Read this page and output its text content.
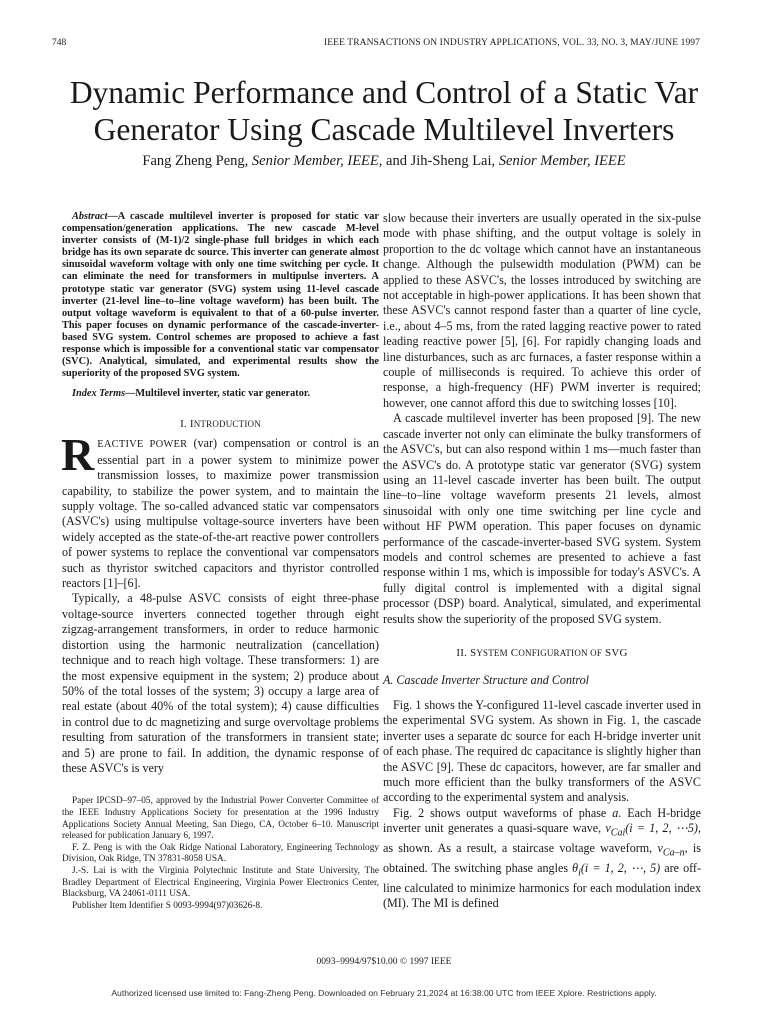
748	IEEE TRANSACTIONS ON INDUSTRY APPLICATIONS, VOL. 33, NO. 3, MAY/JUNE 1997
Dynamic Performance and Control of a Static Var
Generator Using Cascade Multilevel Inverters
Fang Zheng Peng, Senior Member, IEEE, and Jih-Sheng Lai, Senior Member, IEEE

Abstract—A cascade multilevel inverter is proposed for static var compensation/generation applications. The new cascade M-level inverter consists of (M-1)/2 single-phase full bridges in which each bridge has its own separate dc source. This inverter can generate almost sinusoidal waveform voltage with only one time switching per cycle. It can eliminate the need for transformers in multipulse inverters. A prototype static var generator (SVG) system using 11-level cascade inverter (21-level line–to–line voltage waveform) has been built. The output voltage waveform is equivalent to that of a 60-pulse inverter. This paper focuses on dynamic performance of the cascade-inverter-based SVG system. Control schemes are proposed to achieve a fast response which is impossible for a conventional static var compensator (SVC). Analytical, simulated, and experimental results show the superiority of the proposed SVG system.

Index Terms—Multilevel inverter, static var generator.

I. INTRODUCTION

REACTIVE POWER (var) compensation or control is an essential part in a power system to minimize power transmission losses, to maximize power transmission capability, to stabilize the power system, and to maintain the supply voltage. The so-called advanced static var compensators (ASVC's) using multipulse voltage-source inverters have been widely accepted as the state-of-the-art reactive power controllers of power systems to replace the conventional var compensators such as thyristor switched capacitors and thyristor controlled reactors [1]–[6].

Typically, a 48-pulse ASVC consists of eight three-phase voltage-source inverters connected together through eight zigzag-arrangement transformers, in order to reduce harmonic distortion using the harmonic neutralization (cancellation) technique and to reach high voltage. These transformers: 1) are the most expensive equipment in the system; 2) produce about 50% of the total losses of the system; 3) occupy a large area of real estate (about 40% of the total system); 4) cause difficulties in control due to dc magnetizing and surge overvoltage problems resulting from saturation of the transformers in transient state; and 5) are prone to fail. In addition, the dynamic response of these ASVC's is very

Paper IPCSD–97–05, approved by the Industrial Power Converter Committee of the IEEE Industry Applications Society for presentation at the 1996 Industry Applications Society Annual Meeting, San Diego, CA, October 6–10. Manuscript released for publication January 6, 1997.

F. Z. Peng is with the Oak Ridge National Laboratory, Engineering Technology Division, Oak Ridge, TN 37831-8058 USA.

J.-S. Lai is with the Virginia Polytechnic Institute and State University, The Bradley Department of Electrical Engineering, Virginia Power Electronics Center, Blacksburg, VA 24061-0111 USA.

Publisher Item Identifier S 0093-9994(97)03626-8.

slow because their inverters are usually operated in the six-pulse mode with phase shifting, and the output voltage is solely in proportion to the dc voltage which cannot have an instantaneous change. Although the pulsewidth modulation (PWM) can be applied to these ASVC's, the losses introduced by switching are not acceptable in high-power applications. It has been shown that these ASVC's cannot respond faster than a quarter of line cycle, i.e., about 4–5 ms, from the rated lagging reactive power to rated leading reactive power [5], [6]. For rapidly changing loads and line disturbances, such as arc furnaces, a faster response within a couple of milliseconds is required. To achieve this order of response, a high-frequency (HF) PWM inverter is required; however, one cannot afford this due to switching losses [10].

A cascade multilevel inverter has been proposed [9]. The new cascade inverter not only can eliminate the bulky transformers of the ASVC's, but can also respond within 1 ms—much faster than the ASVC's do. A prototype static var generator (SVG) system using an 11-level cascade inverter has been built. The output line–to–line voltage waveform presents 21 levels, almost sinusoidal with only one time switching per line cycle and without HF PWM operation. This paper focuses on dynamic performance of the cascade-inverter-based SVG system. System models and control schemes are presented to achieve a fast response within 1 ms, which is impossible for today's ASVC's. A fully digital control is implemented with a digital signal processor (DSP) board. Analytical, simulated, and experimental results show the superiority of the proposed SVG system.

II. SYSTEM CONFIGURATION OF SVG

A. Cascade Inverter Structure and Control

Fig. 1 shows the Y-configured 11-level cascade inverter used in the experimental SVG system. As shown in Fig. 1, the cascade inverter uses a separate dc source for each H-bridge inverter unit of each phase. The required dc capacitance is slightly higher than the ASVC [9]. These dc capacitors, however, are far smaller and much more efficient than the bulky transformers of the ASVC according to the experimental system and analysis.

Fig. 2 shows output waveforms of phase a. Each H-bridge inverter unit generates a quasi-square wave, $v_{Cai}(i = 1$, 2, ⋯5), as shown. As a result, a staircase voltage waveform, $v_{Ca-n}$, is obtained. The switching phase angles $\theta_i(i = 1$, 2, ⋯, 5) are off-line calculated to minimize harmonics for each modulation index (MI). The MI is defined

0093–9994/97$10.00 © 1997 IEEE
Authorized licensed use limited to: Fang-Zheng Peng. Downloaded on February 21,2024 at 16:38:00 UTC from IEEE Xplore. Restrictions apply.
